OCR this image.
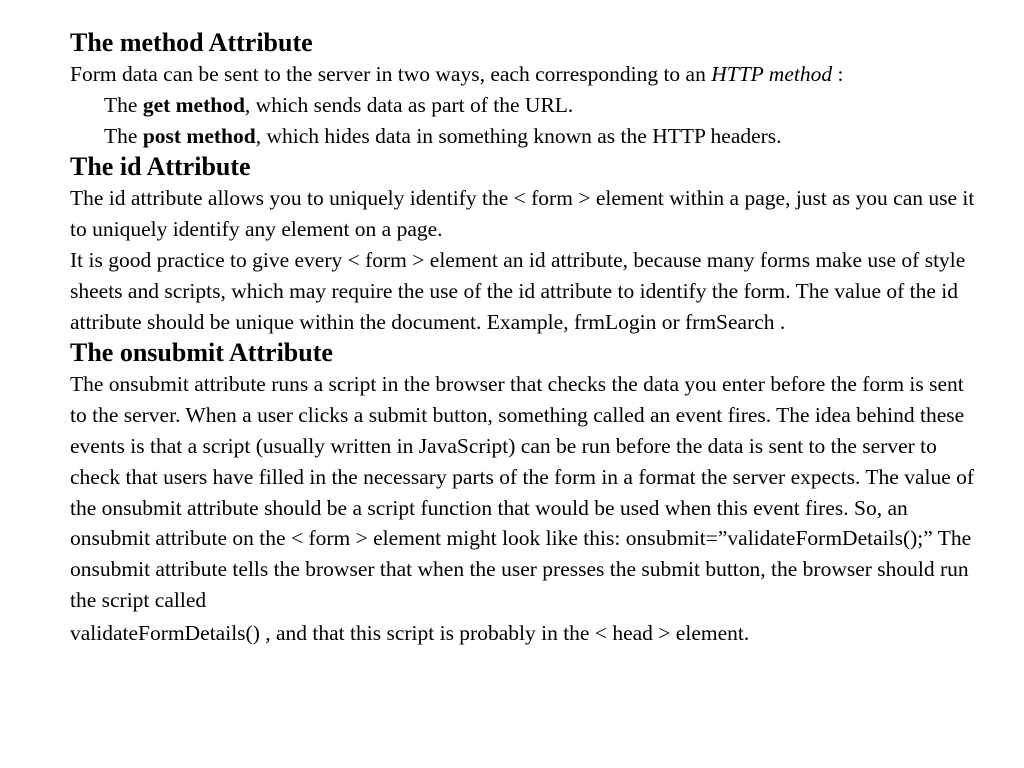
The method Attribute

Form data can be sent to the server in two ways, each corresponding to an HTTP method :

The get method, which sends data as part of the URL.

The post method, which hides data in something known as the HTTP headers.

The id Attribute

The id attribute allows you to uniquely identify the < form > element within a page, just as you can use it to uniquely identify any element on a page.

It is good practice to give every < form > element an id attribute, because many forms make use of style sheets and scripts, which may require the use of the id attribute to identify the form. The value of the id attribute should be unique within the document. Example, frmLogin or frmSearch .

The onsubmit Attribute

The onsubmit attribute runs a script in the browser that checks the data you enter before the form is sent to the server. When a user clicks a submit button, something called an event fires. The idea behind these events is that a script (usually written in JavaScript) can be run before the data is sent to the server to check that users have filled in the necessary parts of the form in a format the server expects. The value of the onsubmit attribute should be a script function that would be used when this event fires. So, an onsubmit attribute on the < form > element might look like this: onsubmit=”validateFormDetails();” The onsubmit attribute tells the browser that when the user presses the submit button, the browser should run the script called

validateFormDetails() , and that this script is probably in the < head > element.
